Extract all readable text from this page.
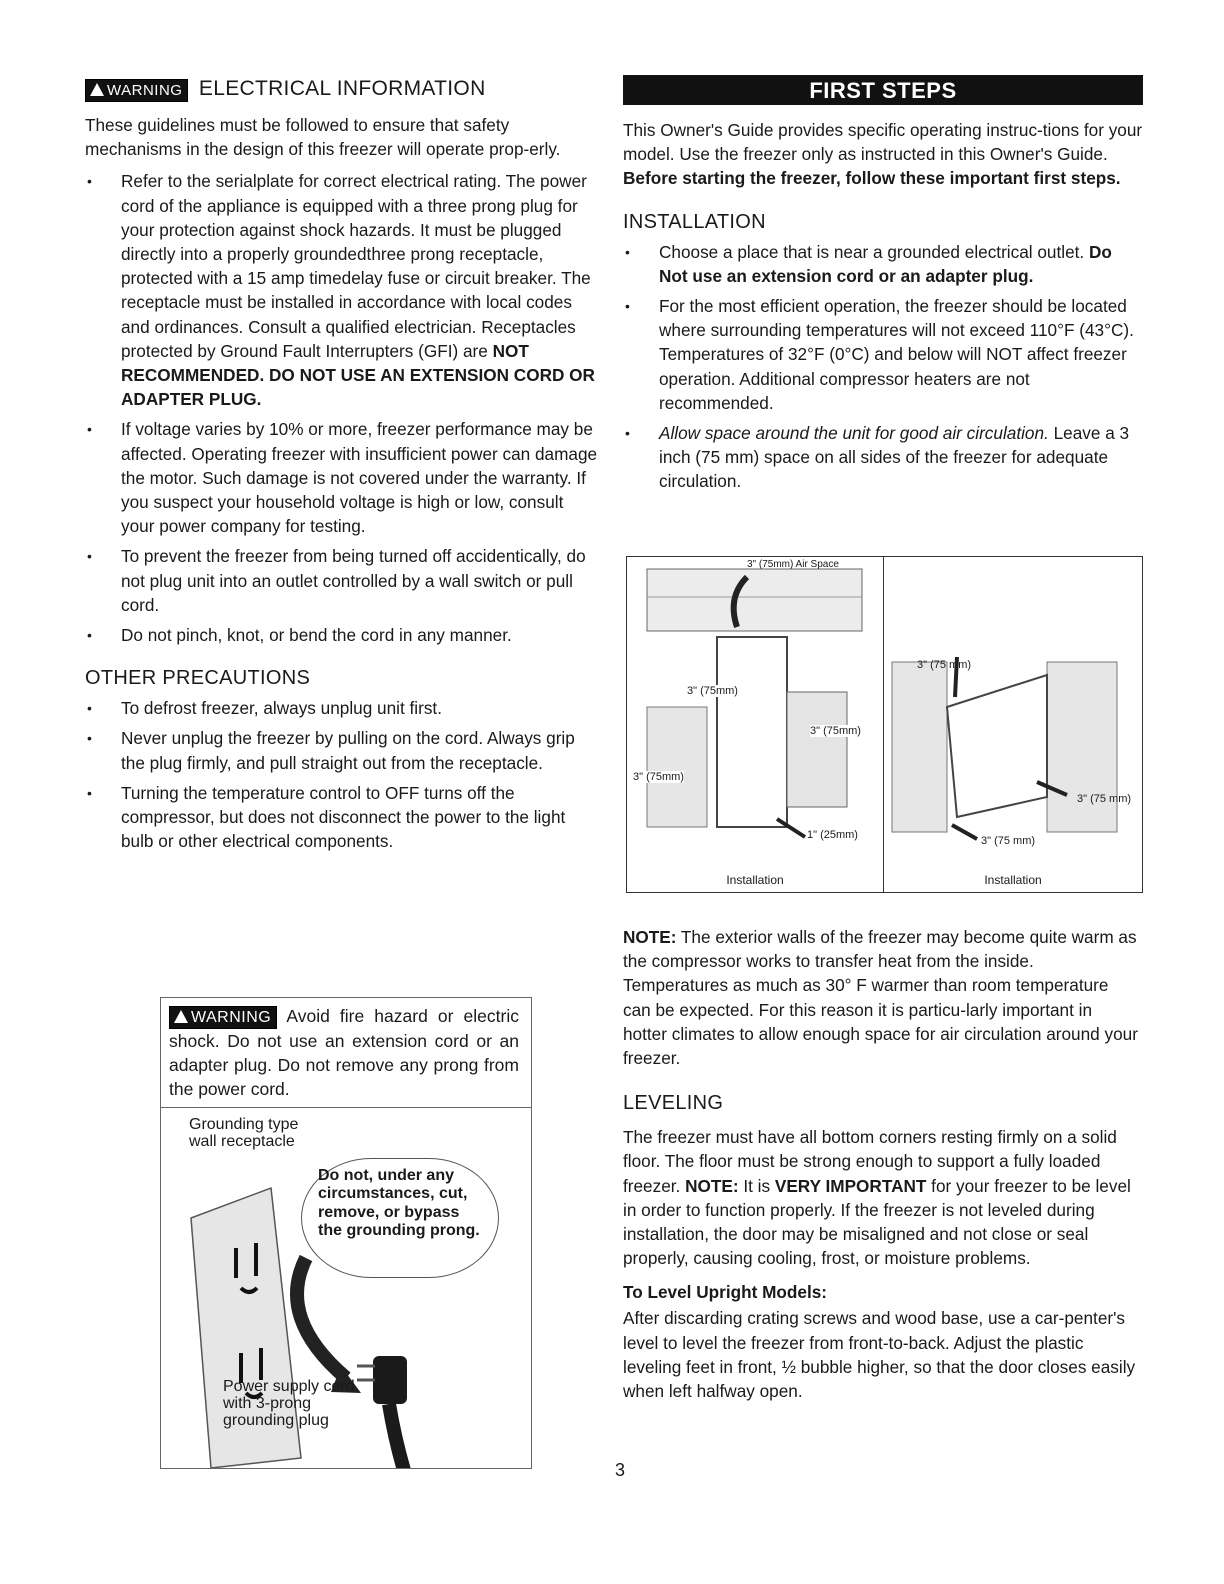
WARNING ELECTRICAL INFORMATION

These guidelines must be followed to ensure that safety mechanisms in the design of this freezer will operate prop-erly.

• Refer to the serialplate for correct electrical rating. The power cord of the appliance is equipped with a three prong plug for your protection against shock hazards. It must be plugged directly into a properly groundedthree prong receptacle, protected with a 15 amp timedelay fuse or circuit breaker. The receptacle must be installed in accordance with local codes and ordinances. Consult a qualified electrician. Receptacles protected by Ground Fault Interrupters (GFI) are NOT RECOMMENDED. DO NOT USE AN EXTENSION CORD OR ADAPTER PLUG.
• If voltage varies by 10% or more, freezer performance may be affected. Operating freezer with insufficient power can damage the motor. Such damage is not covered under the warranty. If you suspect your household voltage is high or low, consult your power company for testing.
• To prevent the freezer from being turned off accidentically, do not plug unit into an outlet controlled by a wall switch or pull cord.
• Do not pinch, knot, or bend the cord in any manner.
OTHER PRECAUTIONS
• To defrost freezer, always unplug unit first.
• Never unplug the freezer by pulling on the cord. Always grip the plug firmly, and pull straight out from the receptacle.
• Turning the temperature control to OFF turns off the compressor, but does not disconnect the power to the light bulb or other electrical components.
WARNING Avoid fire hazard or electric shock. Do not use an extension cord or an adapter plug. Do not remove any prong from the power cord.
Grounding type wall receptacle
Do not, under any circumstances, cut, remove, or bypass the grounding prong.
Power supply cord with 3-prong grounding plug
FIRST STEPS

This Owner's Guide provides specific operating instruc-tions for your model. Use the freezer only as instructed in this Owner's Guide. Before starting the freezer, follow these important first steps.

INSTALLATION
• Choose a place that is near a grounded electrical outlet. Do Not use an extension cord or an adapter plug.
• For the most efficient operation, the freezer should be located where surrounding temperatures will not exceed 110°F (43°C). Temperatures of 32°F (0°C) and below will NOT affect freezer operation. Additional compressor heaters are not recommended.
• Allow space around the unit for good air circulation. Leave a 3 inch (75 mm) space on all sides of the freezer for adequate circulation.
3" (75mm) Air Space
3" (75mm)
3" (75mm)
3" (75mm)
1" (25mm)
Installation
3" (75 mm)
3" (75 mm)
3" (75 mm)
Installation

NOTE: The exterior walls of the freezer may become quite warm as the compressor works to transfer heat from the inside. Temperatures as much as 30° F warmer than room temperature can be expected. For this reason it is particu-larly important in hotter climates to allow enough space for air circulation around your freezer.

LEVELING

The freezer must have all bottom corners resting firmly on a solid floor. The floor must be strong enough to support a fully loaded freezer. NOTE: It is VERY IMPORTANT for your freezer to be level in order to function properly. If the freezer is not leveled during installation, the door may be misaligned and not close or seal properly, causing cooling, frost, or moisture problems.

To Level Upright Models:

After discarding crating screws and wood base, use a car-penter's level to level the freezer from front-to-back. Adjust the plastic leveling feet in front, ½ bubble higher, so that the door closes easily when left halfway open.

3
